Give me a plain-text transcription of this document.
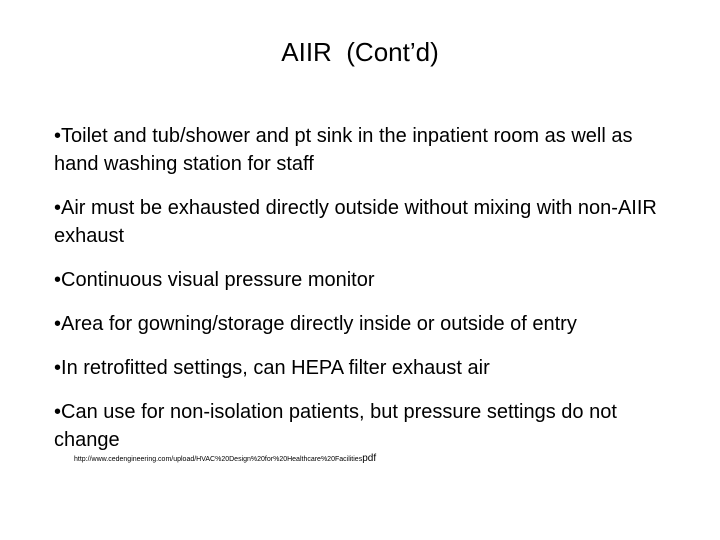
AIIR  (Cont’d)
•Toilet and tub/shower and pt sink in the inpatient room as well as hand washing station for staff
•Air must be exhausted directly outside without mixing with non-AIIR exhaust
•Continuous visual pressure monitor
•Area for gowning/storage directly inside or outside of entry
•In retrofitted settings, can HEPA filter exhaust air
•Can use for non-isolation patients, but pressure settings do not change
http://www.cedengineering.com/upload/HVAC%20Design%20for%20Healthcare%20Facilitiespdf
